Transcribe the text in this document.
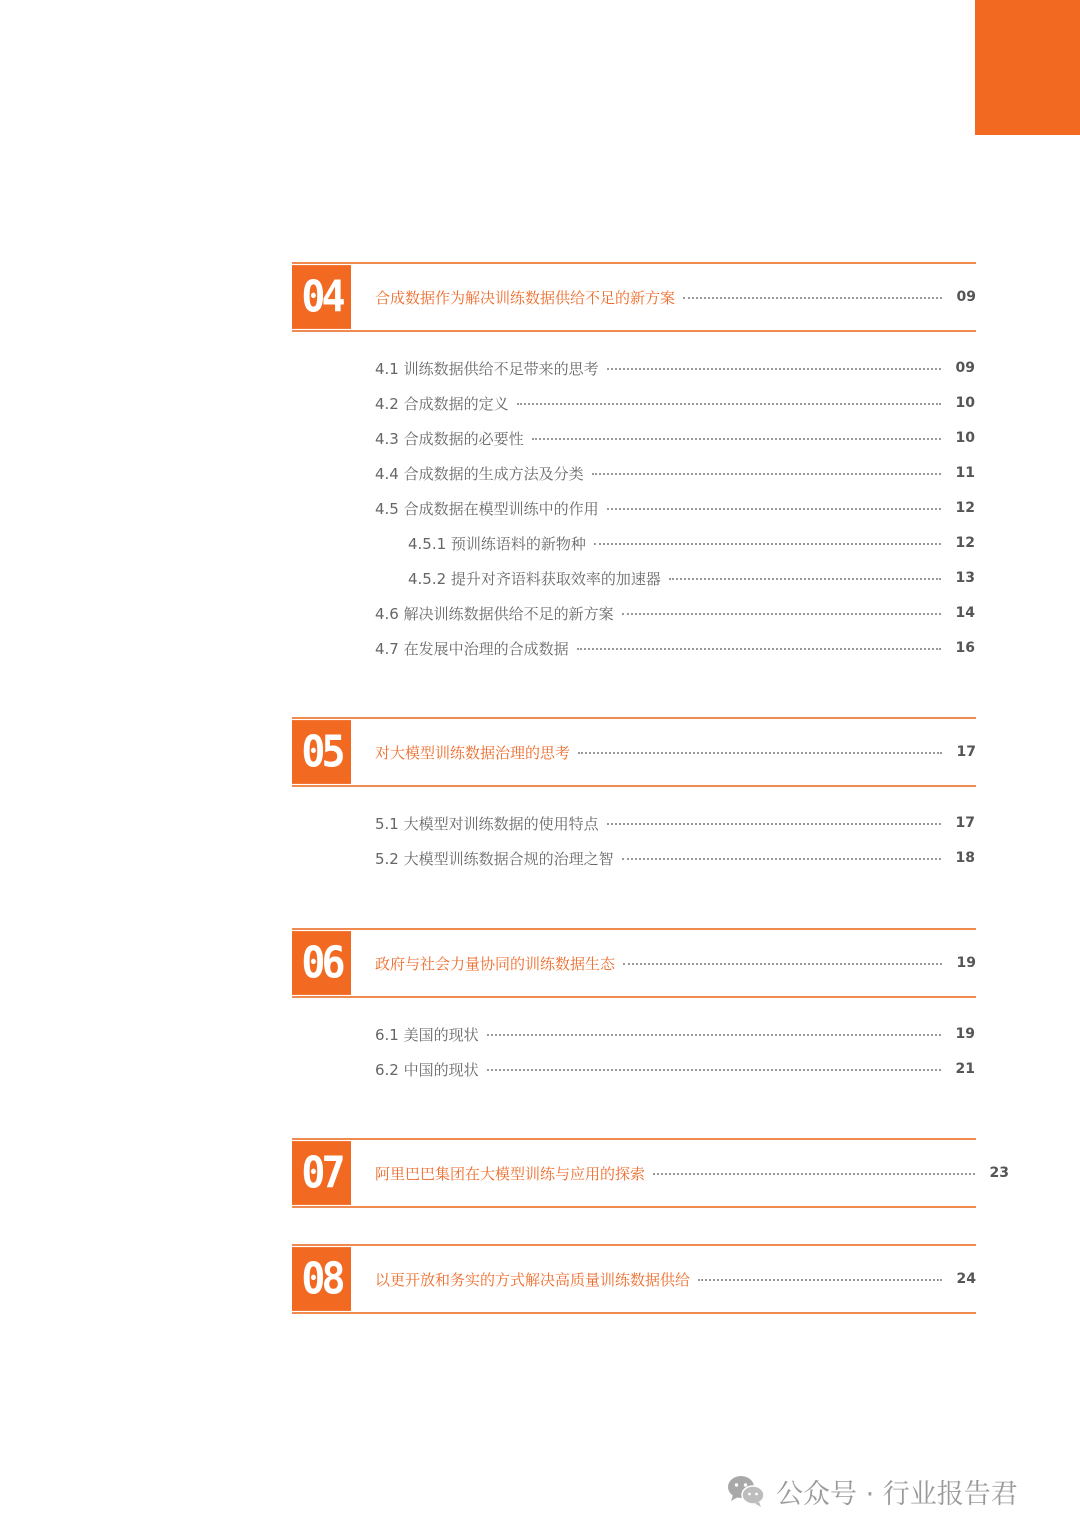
04	合成数据作为解决训练数据供给不足的新方案	09
4.1 训练数据供给不足带来的思考	09
4.2 合成数据的定义	10
4.3 合成数据的必要性	10
4.4 合成数据的生成方法及分类	11
4.5 合成数据在模型训练中的作用	12
4.5.1 预训练语料的新物种	12
4.5.2 提升对齐语料获取效率的加速器	13
4.6 解决训练数据供给不足的新方案	14
4.7 在发展中治理的合成数据	16
05	对大模型训练数据治理的思考	17
5.1 大模型对训练数据的使用特点	17
5.2 大模型训练数据合规的治理之智	18
06	政府与社会力量协同的训练数据生态	19
6.1 美国的现状	19
6.2 中国的现状	21
07	阿里巴巴集团在大模型训练与应用的探索	23
08	以更开放和务实的方式解决高质量训练数据供给	24
公众号 · 行业报告君
